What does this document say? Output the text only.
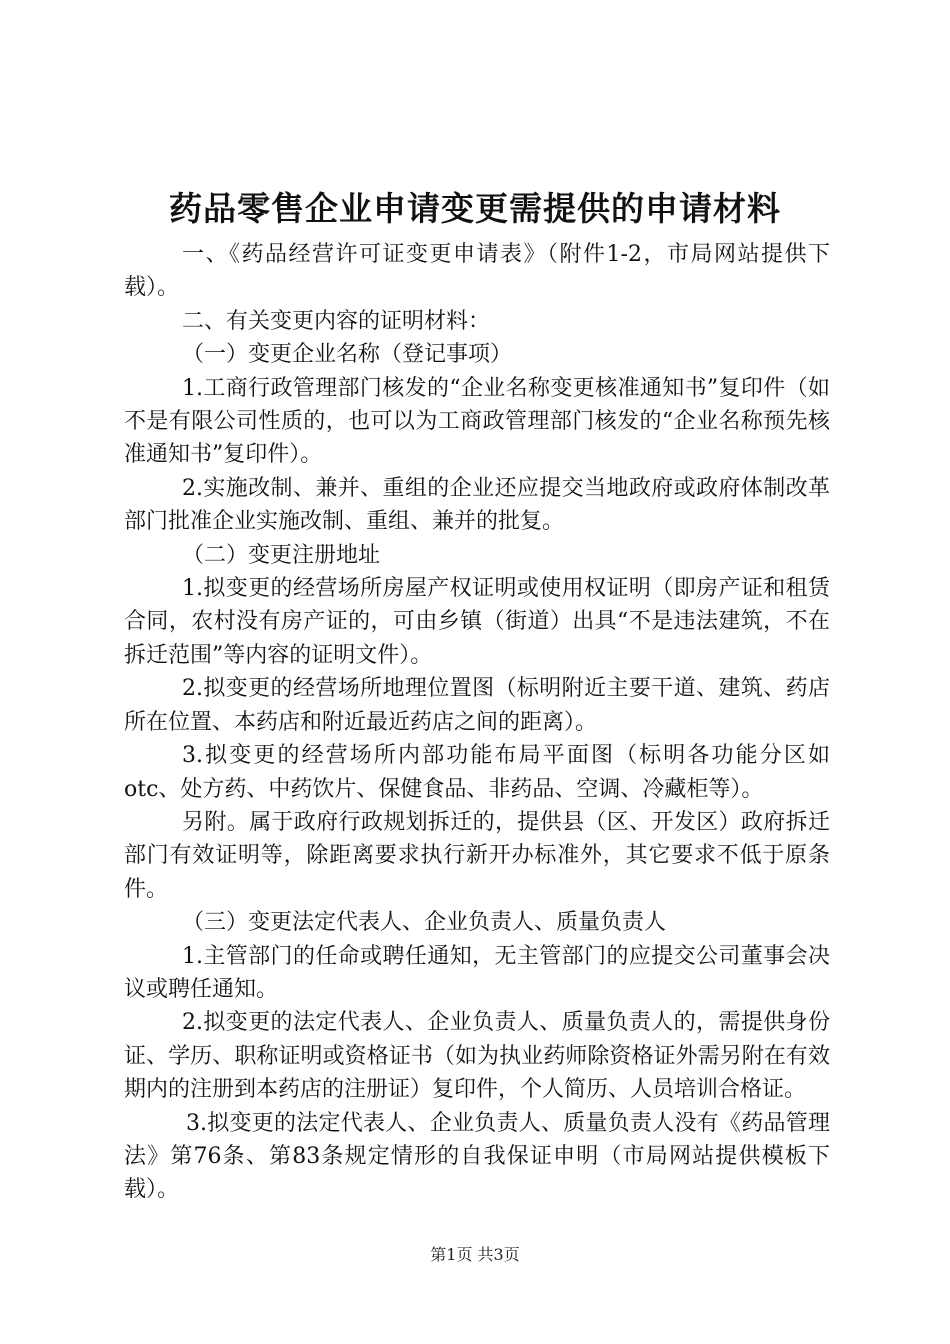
药品零售企业申请变更需提供的申请材料

一、《药品经营许可证变更申请表》（附件1-2，市局网站提供下载）。

二、有关变更内容的证明材料：

（一）变更企业名称（登记事项）

1.工商行政管理部门核发的“企业名称变更核准通知书”复印件（如不是有限公司性质的，也可以为工商政管理部门核发的“企业名称预先核准通知书”复印件）。

2.实施改制、兼并、重组的企业还应提交当地政府或政府体制改革部门批准企业实施改制、重组、兼并的批复。

（二）变更注册地址

1.拟变更的经营场所房屋产权证明或使用权证明（即房产证和租赁合同，农村没有房产证的，可由乡镇（街道）出具“不是违法建筑，不在拆迁范围”等内容的证明文件）。

2.拟变更的经营场所地理位置图（标明附近主要干道、建筑、药店所在位置、本药店和附近最近药店之间的距离）。

3.拟变更的经营场所内部功能布局平面图（标明各功能分区如otc、处方药、中药饮片、保健食品、非药品、空调、冷藏柜等）。

另附。属于政府行政规划拆迁的，提供县（区、开发区）政府拆迁部门有效证明等，除距离要求执行新开办标准外，其它要求不低于原条件。

（三）变更法定代表人、企业负责人、质量负责人

1.主管部门的任命或聘任通知，无主管部门的应提交公司董事会决议或聘任通知。

2.拟变更的法定代表人、企业负责人、质量负责人的，需提供身份证、学历、职称证明或资格证书（如为执业药师除资格证外需另附在有效期内的注册到本药店的注册证）复印件，个人简历、人员培训合格证。

3.拟变更的法定代表人、企业负责人、质量负责人没有《药品管理法》第76条、第83条规定情形的自我保证申明（市局网站提供模板下载）。

第1页 共3页
